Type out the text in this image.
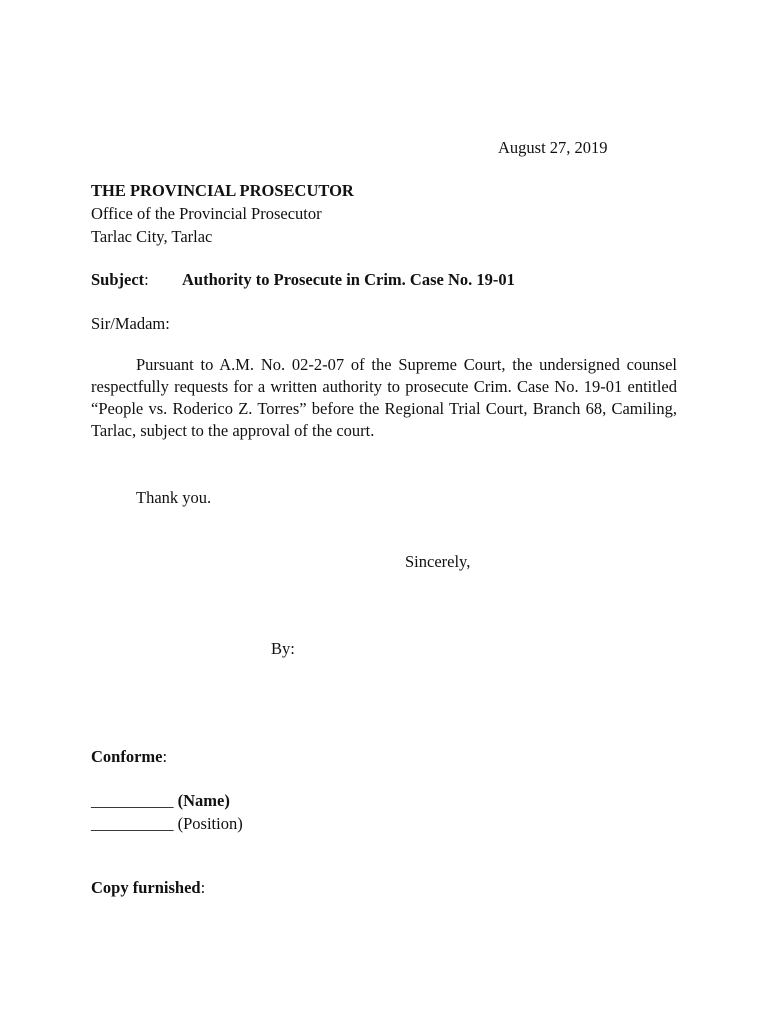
August 27, 2019
THE PROVINCIAL PROSECUTOR
Office of the Provincial Prosecutor
Tarlac City, Tarlac
Subject: Authority to Prosecute in Crim. Case No. 19-01
Sir/Madam:
Pursuant to A.M. No. 02-2-07 of the Supreme Court, the undersigned counsel respectfully requests for a written authority to prosecute Crim. Case No. 19-01 entitled “People vs. Roderico Z. Torres” before the Regional Trial Court, Branch 68, Camiling, Tarlac, subject to the approval of the court.
Thank you.
Sincerely,
By:
Conforme:
__________ (Name)
__________ (Position)
Copy furnished:
